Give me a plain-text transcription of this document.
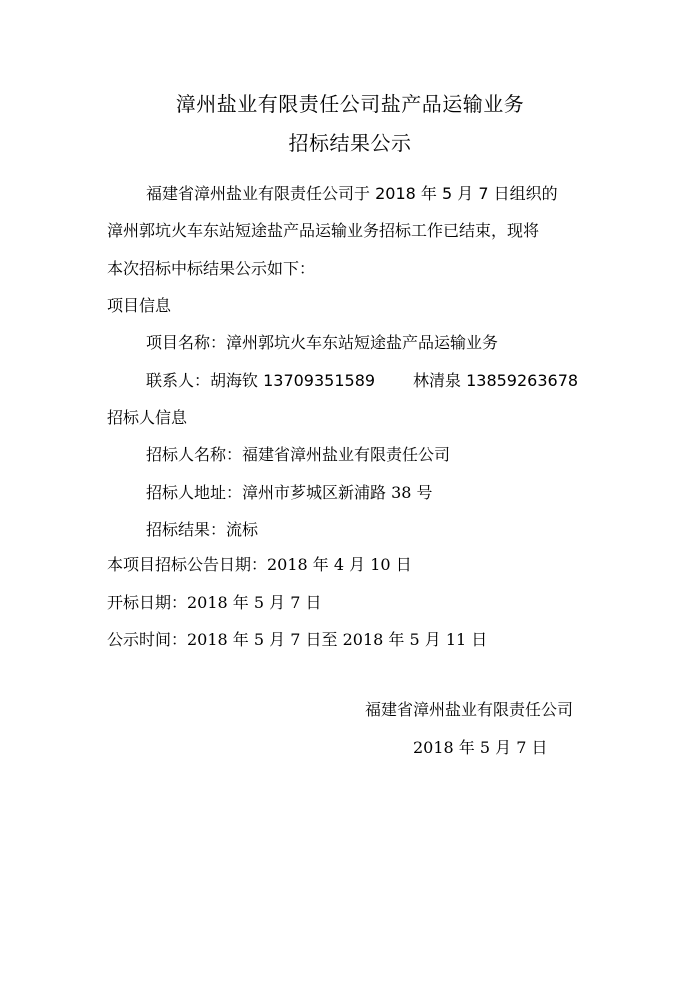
漳州盐业有限责任公司盐产品运输业务
招标结果公示
福建省漳州盐业有限责任公司于 2018 年 5 月 7 日组织的
漳州郭坑火车东站短途盐产品运输业务招标工作已结束，现将
本次招标中标结果公示如下：
项目信息
项目名称：漳州郭坑火车东站短途盐产品运输业务
联系人：胡海钦 13709351589 林清泉 13859263678
招标人信息
招标人名称：福建省漳州盐业有限责任公司
招标人地址：漳州市芗城区新浦路 38 号
招标结果：流标
本项目招标公告日期：2018 年 4 月 10 日
开标日期：2018 年 5 月 7 日
公示时间：2018 年 5 月 7 日至 2018 年 5 月 11 日
福建省漳州盐业有限责任公司
2018 年 5 月 7 日
